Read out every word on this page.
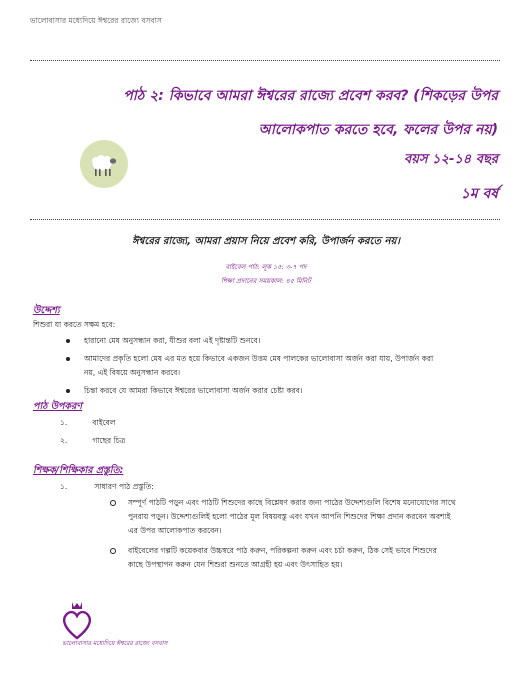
ভালোবাসার মধ্যেদিয়ে ঈশ্বরের রাজ্যে বসবাস
পাঠ ২: কিভাবে আমরা ঈশ্বরের রাজ্যে প্রবেশ করব? (শিকড়ের উপর
আলোকপাত করতে হবে, ফলের উপর নয়)
বয়স ১২-১৪ বছর
১ম বর্ষ
ঈশ্বরের রাজ্যে, আমরা প্রয়াস নিয়ে প্রবেশ করি, উপার্জন করতে নয়।
বাইবেল পাঠ: লূক ১৫: ৩-৭ পদ
শিক্ষা প্রদানের সময়কাল: ৪৫ মিনিট
উদ্দেশ্য
শিশুরা যা করতে সক্ষম হবে:
হারানো মেষ অনুসন্ধান করা, যীশুর বলা এই দৃষ্টান্তটি শুনবে।
আমাদের প্রকৃতি হলো মেষ এর মত হয়ে কিভাবে একজন উত্তম মেষ পালকের ভালোবাসা অর্জন করা যায়, উপার্জন করা
নয়, এই বিষয়ে অনুসন্ধান করবে।
চিন্তা করবে যে আমরা কিভাবে ঈশ্বরের ভালোবাসা অর্জন করার চেষ্টা করব।
পাঠ উপকরণ
১.	বাইবেল
২.	গাছের চিত্র
শিক্ষক/শিক্ষিকার প্রস্তুতি:
১.	সাধারণ পাঠ প্রস্তুতি:
সম্পূর্ণ পাঠটি পড়ুন এবং পাঠটি শিশুদের কাছে বিশ্লেষণ করার জন্য পাঠের উদ্দেশ্যগুলি বিশেষ মনোযোগের সাথে
পুনরায় পড়ুন। উদ্দেশ্যগুলিই হলো পাঠের মূল বিষয়বস্তু এবং যখন আপনি শিশুদের শিক্ষা প্রদান করবেন অবশ্যই
এর উপর আলোকপাত করবেন।
বাইবেলের গল্পটি কয়েকবার উচ্চস্বরে পাঠ করুন, পরিকল্পনা করুন এবং চর্চা করুন, ঠিক সেই ভাবে শিশুদের
কাছে উপস্থাপন করুন যেন শিশুরা শুনতে আগ্রহী হয় এবং উৎসাহিত হয়।
ভালোবাসার মধ্যেদিয়ে ঈশ্বরের রাজ্যে বসবাস
